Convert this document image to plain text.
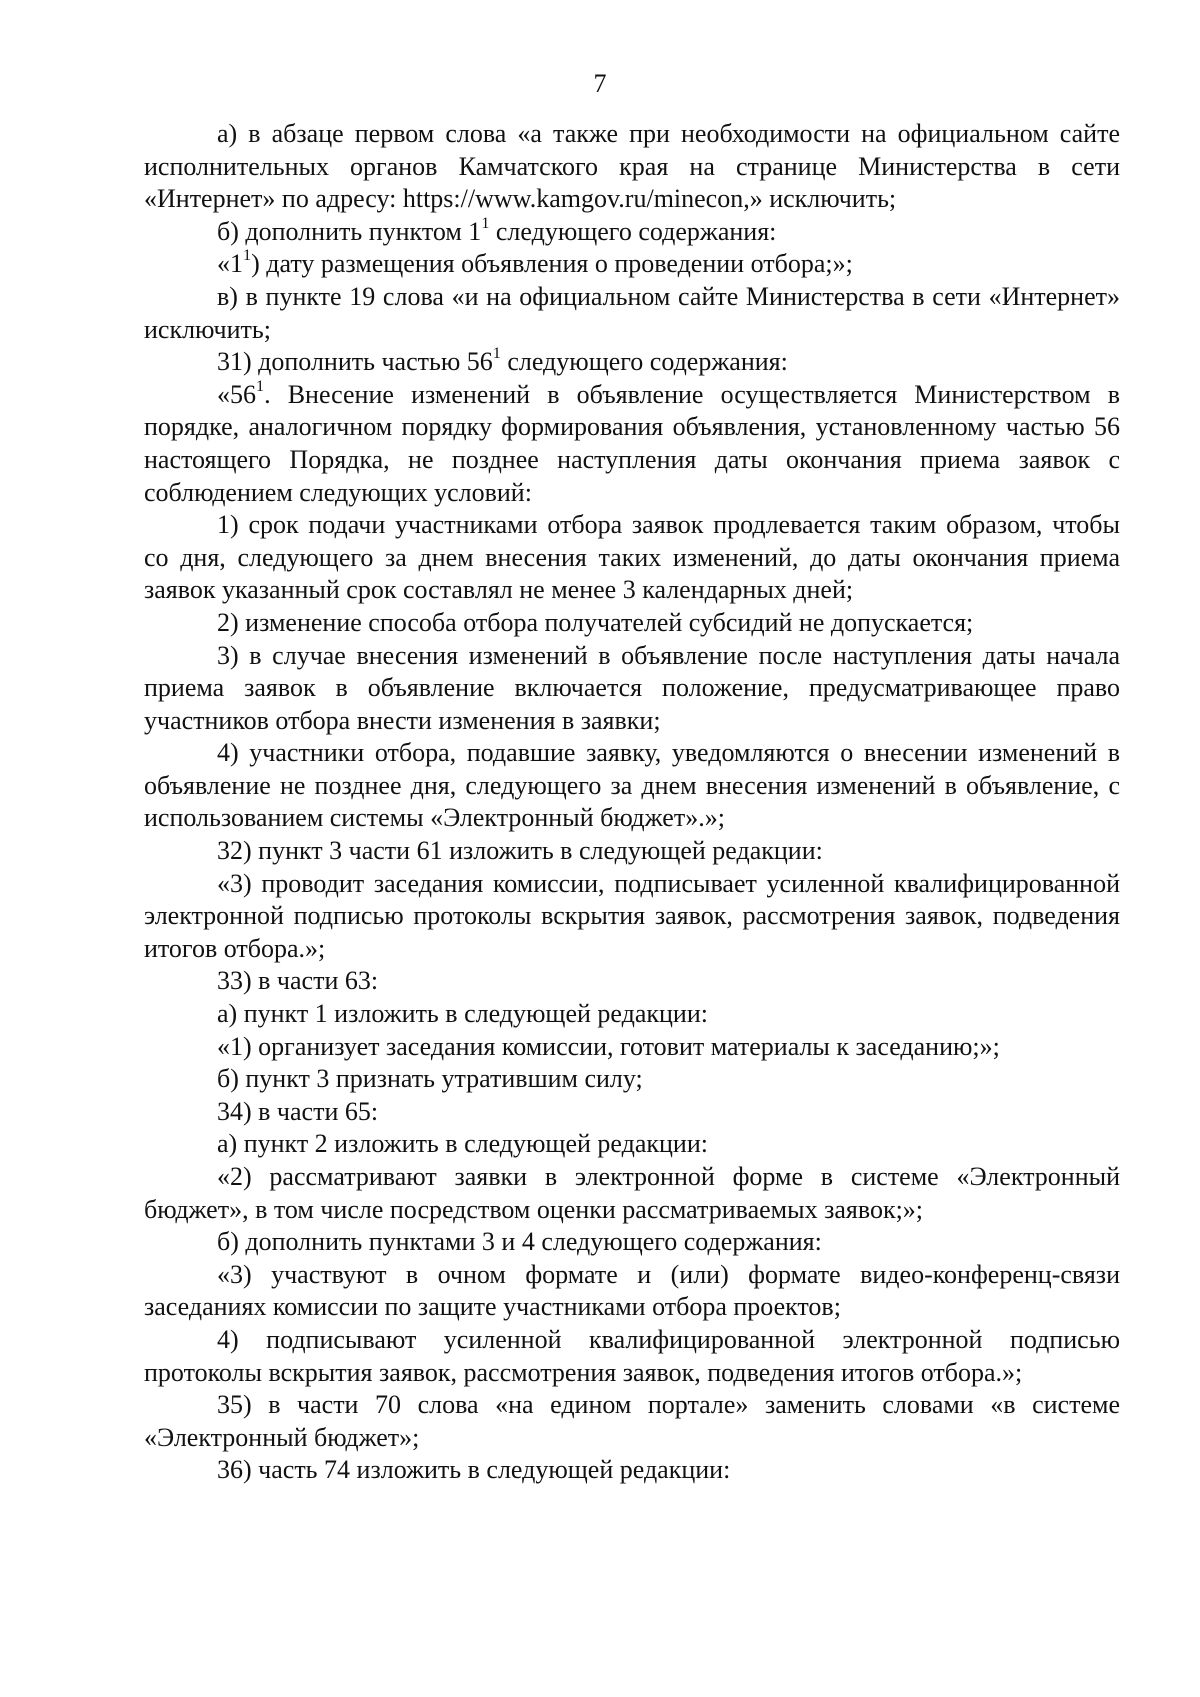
7

а) в абзаце первом слова «а также при необходимости на официальном сайте исполнительных органов Камчатского края на странице Министерства в сети «Интернет» по адресу: https://www.kamgov.ru/minecon,» исключить;

б) дополнить пунктом $1^1$ следующего содержания:

«$1^1$) дату размещения объявления о проведении отбора;»;

в) в пункте 19 слова «и на официальном сайте Министерства в сети «Интернет» исключить;

31) дополнить частью $56^1$ следующего содержания:

«$56^1$. Внесение изменений в объявление осуществляется Министерством в порядке, аналогичном порядку формирования объявления, установленному частью 56 настоящего Порядка, не позднее наступления даты окончания приема заявок с соблюдением следующих условий:

1) срок подачи участниками отбора заявок продлевается таким образом, чтобы со дня, следующего за днем внесения таких изменений, до даты окончания приема заявок указанный срок составлял не менее 3 календарных дней;

2) изменение способа отбора получателей субсидий не допускается;

3) в случае внесения изменений в объявление после наступления даты начала приема заявок в объявление включается положение, предусматривающее право участников отбора внести изменения в заявки;

4) участники отбора, подавшие заявку, уведомляются о внесении изменений в объявление не позднее дня, следующего за днем внесения изменений в объявление, с использованием системы «Электронный бюджет».»;

32) пункт 3 части 61 изложить в следующей редакции:

«3) проводит заседания комиссии, подписывает усиленной квалифицированной электронной подписью протоколы вскрытия заявок, рассмотрения заявок, подведения итогов отбора.»;

33) в части 63:

а) пункт 1 изложить в следующей редакции:

«1) организует заседания комиссии, готовит материалы к заседанию;»;

б) пункт 3 признать утратившим силу;

34) в части 65:

а) пункт 2 изложить в следующей редакции:

«2) рассматривают заявки в электронной форме в системе «Электронный бюджет», в том числе посредством оценки рассматриваемых заявок;»;

б) дополнить пунктами 3 и 4 следующего содержания:

«3) участвуют в очном формате и (или) формате видео-конференц-связи заседаниях комиссии по защите участниками отбора проектов;

4) подписывают усиленной квалифицированной электронной подписью протоколы вскрытия заявок, рассмотрения заявок, подведения итогов отбора.»;

35) в части 70 слова «на едином портале» заменить словами «в системе «Электронный бюджет»;

36) часть 74 изложить в следующей редакции:
